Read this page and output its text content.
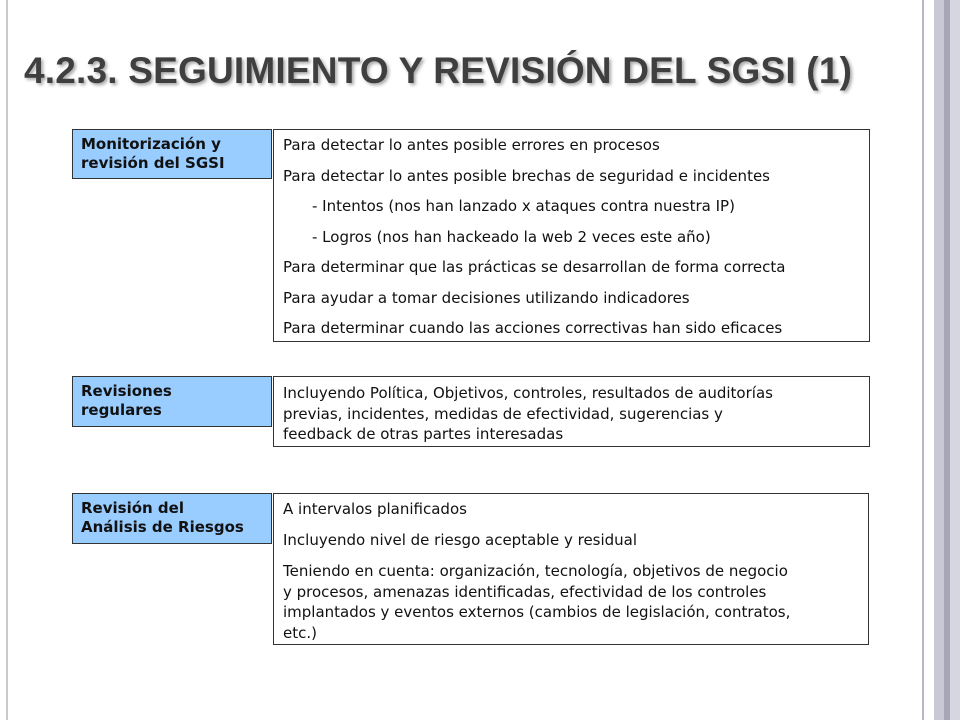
4.2.3. SEGUIMIENTO Y REVISIÓN DEL SGSI (1)
Monitorización y
revisión del SGSI
Para detectar lo antes posible errores en procesos
Para detectar lo antes posible brechas de seguridad e incidentes
- Intentos (nos han lanzado x ataques contra nuestra IP)
- Logros (nos han hackeado la web 2 veces este año)
Para determinar que las prácticas se desarrollan de forma correcta
Para ayudar a tomar decisiones utilizando indicadores
Para determinar cuando las acciones correctivas han sido eficaces
Revisiones
regulares
Incluyendo Política, Objetivos, controles, resultados de auditorías
previas, incidentes, medidas de efectividad, sugerencias y
feedback de otras partes interesadas
Revisión del
Análisis de Riesgos
A intervalos planificados
Incluyendo nivel de riesgo aceptable y residual
Teniendo en cuenta: organización, tecnología, objetivos de negocio
y procesos, amenazas identificadas, efectividad de los controles
implantados y eventos externos (cambios de legislación, contratos,
etc.)
